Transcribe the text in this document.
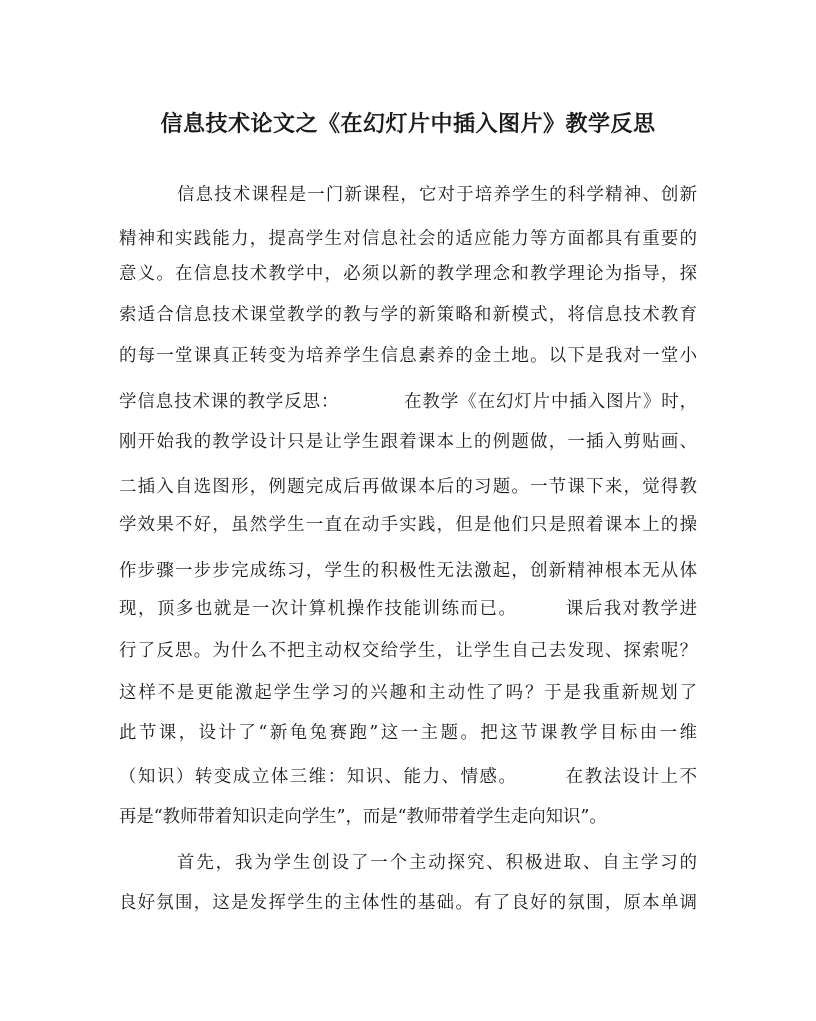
信息技术论文之《在幻灯片中插入图片》教学反思
信息技术课程是一门新课程，它对于培养学生的科学精神、创新
精神和实践能力，提高学生对信息社会的适应能力等方面都具有重要的
意义。在信息技术教学中，必须以新的教学理念和教学理论为指导，探
索适合信息技术课堂教学的教与学的新策略和新模式，将信息技术教育
的每一堂课真正转变为培养学生信息素养的金土地。以下是我对一堂小
学信息技术课的教学反思：　　　　在教学《在幻灯片中插入图片》时，
刚开始我的教学设计只是让学生跟着课本上的例题做，一插入剪贴画、
二插入自选图形，例题完成后再做课本后的习题。一节课下来，觉得教
学效果不好，虽然学生一直在动手实践，但是他们只是照着课本上的操
作步骤一步步完成练习，学生的积极性无法激起，创新精神根本无从体
现，顶多也就是一次计算机操作技能训练而已。　　　课后我对教学进
行了反思。为什么不把主动权交给学生，让学生自己去发现、探索呢？
这样不是更能激起学生学习的兴趣和主动性了吗？于是我重新规划了
此节课，设计了“新龟兔赛跑”这一主题。把这节课教学目标由一维
（知识）转变成立体三维：知识、能力、情感。　　　在教法设计上不
再是“教师带着知识走向学生”，而是“教师带着学生走向知识”。
首先，我为学生创设了一个主动探究、积极进取、自主学习的
良好氛围，这是发挥学生的主体性的基础。有了良好的氛围，原本单调
